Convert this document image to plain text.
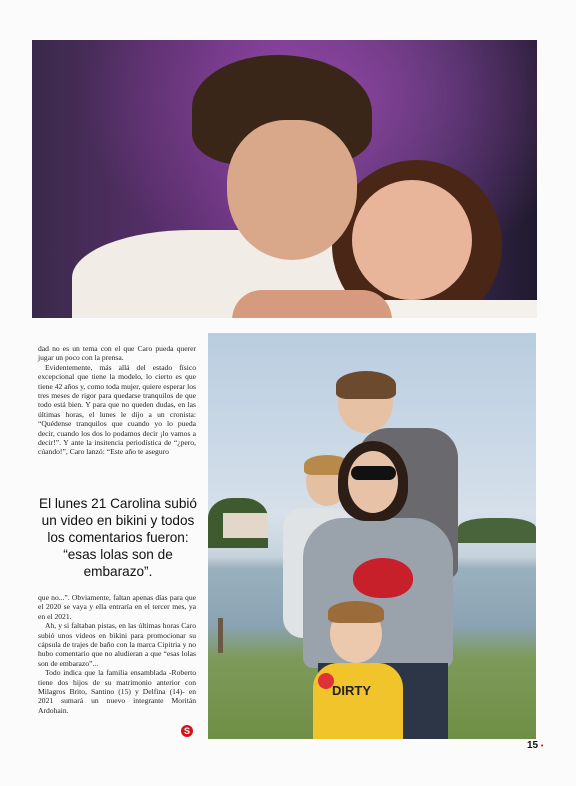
dad no es un tema con el que Caro pueda querer jugar un poco con la prensa.

Evidentemente, más allá del estado físico excepcional que tiene la modelo, lo cierto es que tiene 42 años y, como toda mujer, quiere esperar los tres meses de rigor para quedarse tranquilos de que todo está bien. Y para que no queden dudas, en las últimas horas, el lunes le dijo a un cronista: “Quédense tranquilos que cuando yo lo pueda decir, cuando los dos lo podamos decir ¡lo vamos a decir!”. Y ante la insitencia periodística de “¿pero, cúando!”, Caro lanzó: “Este año te aseguro

El lunes 21 Carolina subió un video en bikini y todos los comentarios fueron: “esas lolas son de embarazo”.

que no...”. Obviamente, faltan apenas días para que el 2020 se vaya y ella entraría en el tercer mes, ya en el 2021.

Ah, y si faltaban pistas, en las últimas horas Caro subió unos videos en bikini para promocionar su cápsula de trajes de baño con la marca Cipitria y no hubo comentario que no aludieran a que “esas lolas son de embarazo”...

Todo indica que la familia ensamblada -Roberto tiene dos hijos de su matrimonio anterior con Milagros Brito, Santino (15) y Delfina (14)- en 2021 sumará un nuevo integrante Moritán Ardohain.

S
DIRTY
15 •
